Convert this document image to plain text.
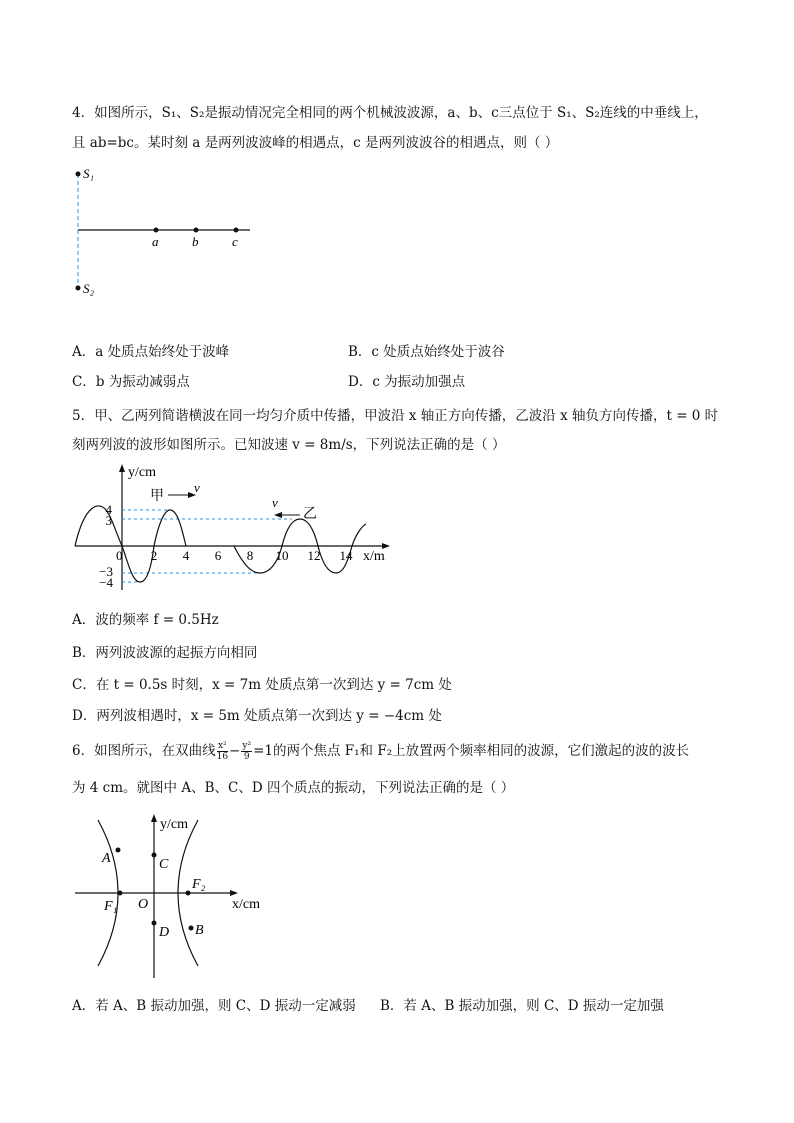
4．如图所示，S₁、S₂是振动情况完全相同的两个机械波波源，a、b、c三点位于 S₁、S₂连线的中垂线上，
且 ab=bc。某时刻 a 是两列波波峰的相遇点，c 是两列波波谷的相遇点，则（ ）
S₁
S₂
a	b	c
A．a 处质点始终处于波峰	B．c 处质点始终处于波谷
C．b 为振动减弱点	D．c 为振动加强点
5．甲、乙两列简谐横波在同一均匀介质中传播，甲波沿 x 轴正方向传播，乙波沿 x 轴负方向传播，t = 0 时
刻两列波的波形如图所示。已知波速 v = 8m/s，下列说法正确的是（ ）
y/cm
x/m
甲
v
v
乙
4
3
−3
−4
0 2 4 6 8 10 12 14
A．波的频率 f = 0.5Hz
B．两列波波源的起振方向相同
C．在 t = 0.5s 时刻，x = 7m 处质点第一次到达 y = 7cm 处
D．两列波相遇时，x = 5m 处质点第一次到达 y = −4cm 处
6．如图所示，在双曲线 $\frac{\text{x²}}{16} - \frac{\text{y²}}{9} =1$的两个焦点 F₁和 F₂上放置两个频率相同的波源，它们激起的波的波长
为 4 cm。就图中 A、B、C、D 四个质点的振动，下列说法正确的是（ ）
y/cm
x/cm
O
A
F₁
C
D
F₂
B
A．若 A、B 振动加强，则 C、D 振动一定减弱 B．若 A、B 振动加强，则 C、D 振动一定加强
